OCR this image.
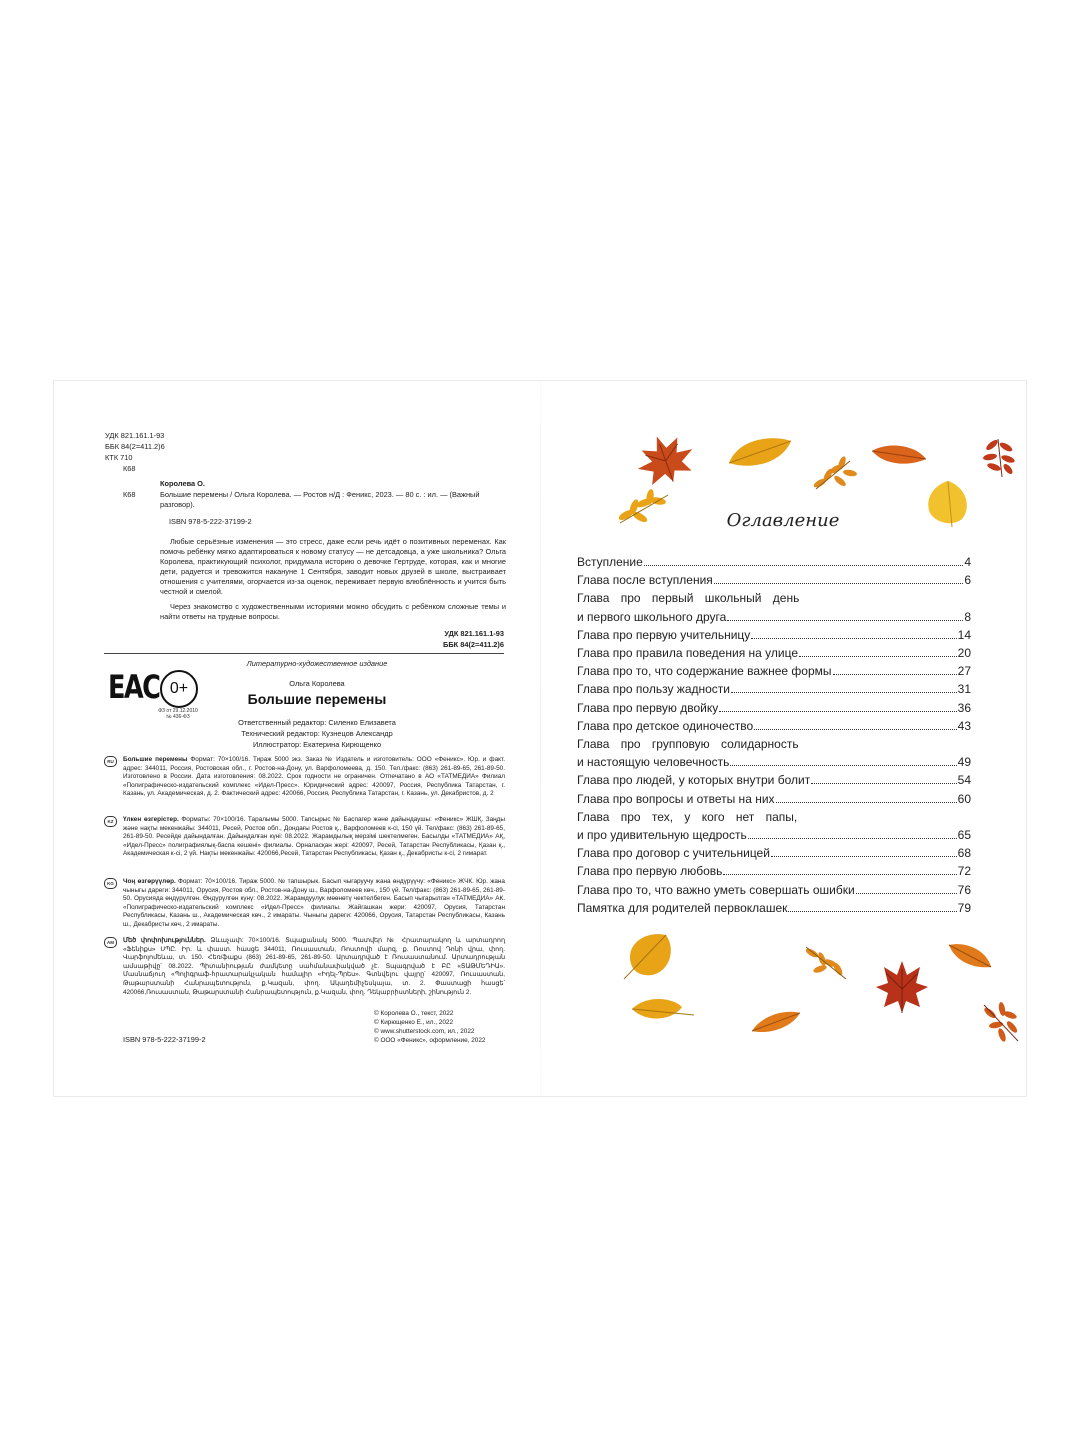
УДК 821.161.1-93
ББК 84(2=411.2)6
КТК 710
К68
Королева О.
К68	Большие перемены / Ольга Королева. — Ростов н/Д : Феникс, 2023. — 80 с. : ил. — (Важный разговор).
ISBN 978-5-222-37199-2
Любые серьёзные изменения — это стресс, даже если речь идёт о позитивных переменах. Как помочь ребёнку мягко адаптироваться к новому статусу — не детсадовца, а уже школьника? Ольга Королева, практикующий психолог, придумала историю о девочке Гертруде, которая, как и многие дети, радуется и тревожится накануне 1 Сентября, заводит новых друзей в школе, выстраивает отношения с учителями, огорчается из-за оценок, переживает первую влюблённость и учится быть честной и смелой.
Через знакомство с художественными историями можно обсудить с ребёнком сложные темы и найти ответы на трудные вопросы.
УДК 821.161.1-93
ББК 84(2=411.2)6
ЕАС 0+
ФЗ от 29.12.2010
№ 436-ФЗ
Литературно-художественное издание
Ольга Королева
Большие перемены
Ответственный редактор: Силенко Елизавета
Технический редактор: Кузнецов Александр
Иллюстратор: Екатерина Кирющенко
RU	Большие перемены Формат: 70×100/16. Тираж 5000 экз. Заказ № Издатель и изготовитель: ООО «Феникс». Юр. и факт. адрес: 344011, Россия, Ростовская обл., г. Ростов-на-Дону, ул. Варфоломеева, д. 150. Тел./факс: (863) 261-89-65, 261-89-50. Изготовлено в России. Дата изготовления: 08.2022. Срок годности не ограничен. Отпечатано в АО «ТАТМЕДИА» Филиал «Полиграфическо-издательский комплекс «Идел-Пресс». Юридический адрес: 420097, Россия, Республика Татарстан, г. Казань, ул. Академическая, д. 2. Фактический адрес: 420066, Россия, Республика Татарстан, г. Казань, ул. Декабристов, д. 2
KZ	Үлкен өзгерістер. Форматы: 70×100/16. Таралымы 5000. Тапсырыс № Баспагер және дайындаушы: «Феникс» ЖШҚ. Заңды және нақты мекенжайы: 344011, Ресей, Ростов обл., Дондағы Ростов қ., Варфоломеев к-сі, 150 үй. Тел/факс: (863) 261-89-65, 261-89-50. Ресейде дайындалған. Дайындалған күні: 08.2022. Жарамдылық мерзімі шектелмеген. Басылды «ТАТМЕДИА» АҚ, «Идел-Пресс» полиграфиялық-баспа кешені» филиалы. Орналасқан жері: 420097, Ресей, Татарстан Республикасы, Қазан қ., Академическая к-сі, 2 үй. Нақты мекенжайы: 420066,Ресей, Татарстан Республикасы, Қазан қ., Декабристы к-сі, 2 гимарат.
KG	Чоң өзгөрүүлөр. Формат: 70×100/16. Тираж 5000. № тапшырык. Басып чыгаруучу жана өндүрүүчү: «Феникс» ЖЧК. Юр. жана чыныгы дареги: 344011, Орусия, Ростов обл., Ростов-на-Дону ш., Варфоломеев көч., 150 үй. Тел/факс: (863) 261-89-65, 261-89-50. Орусияда өндүрүлгөн. Өндүрүлгөн күнү: 08.2022. Жарамдуулук мөөнөтү чектелбеген. Басып чыгарылган «ТАТМЕДИА» АК. «Полиграфическо-издательский комплекс «Идел-Пресс» филиалы. Жайгашкан жери: 420097, Орусия, Татарстан Республикасы, Казань ш., Академическая көч., 2 имараты. Чыныгы дареги: 420066, Орусия, Татарстан Республикасы, Казань ш., Декабристы көч., 2 имараты.
AM	Մեծ փոփոխություններ. Ձևաչափ: 70×100/16. Տպաքանակ 5000. Պատվեր № Հրատարակող և արտադրող «Ֆենիքս» ՍՊԸ. Իր. և փաստ. հասցե 344011, Ռուսաստան, Ռոստովի մարզ, ք. Ռոստով Դոնի վրա, փող. Վարֆոլոմեևա, տ. 150. Հեռ/ֆաքս (863) 261-89-65, 261-89-50. Արտադրված է Ռուսաստանում. Արտադրության ամսաթիվը՝ 08.2022. Պիտանիության ժամկետը սահմանափակված չէ. Տպագրված է ԲԸ «ՏԱԹՄԵԴԻԱ». Մասնաճյուղ «Պոլիգրաֆ-հրատարակչական համալիր «Իդել-Պրես». Գտնվելու վայրը՝ 420097, Ռուսաստան, Թաթարստանի Հանրապետություն, ք.Կազան, փող. Ակադեմիչեսկայա, տ. 2. Փաստացի հասցե՝ 420066,Ռուսաստան, Թաթարստանի Հանրապետություն, ք.Կազան, փող. Դեկաբրիստների, շինություն 2.
ISBN 978-5-222-37199-2
© Королева О., текст, 2022
© Кирющенко Е., ил., 2022
© www.shutterstock.com, ил., 2022
© ООО «Феникс», оформление, 2022
Оглавление
Вступление	4
Глава после вступления	6
Глава про первый школьный день
и первого школьного друга	8
Глава про первую учительницу	14
Глава про правила поведения на улице	20
Глава про то, что содержание важнее формы	27
Глава про пользу жадности	31
Глава про первую двойку	36
Глава про детское одиночество	43
Глава про групповую солидарность
и настоящую человечность	49
Глава про людей, у которых внутри болит	54
Глава про вопросы и ответы на них	60
Глава про тех, у кого нет папы,
и про удивительную щедрость	65
Глава про договор с учительницей	68
Глава про первую любовь	72
Глава про то, что важно уметь совершать ошибки	76
Памятка для родителей первоклашек	79
